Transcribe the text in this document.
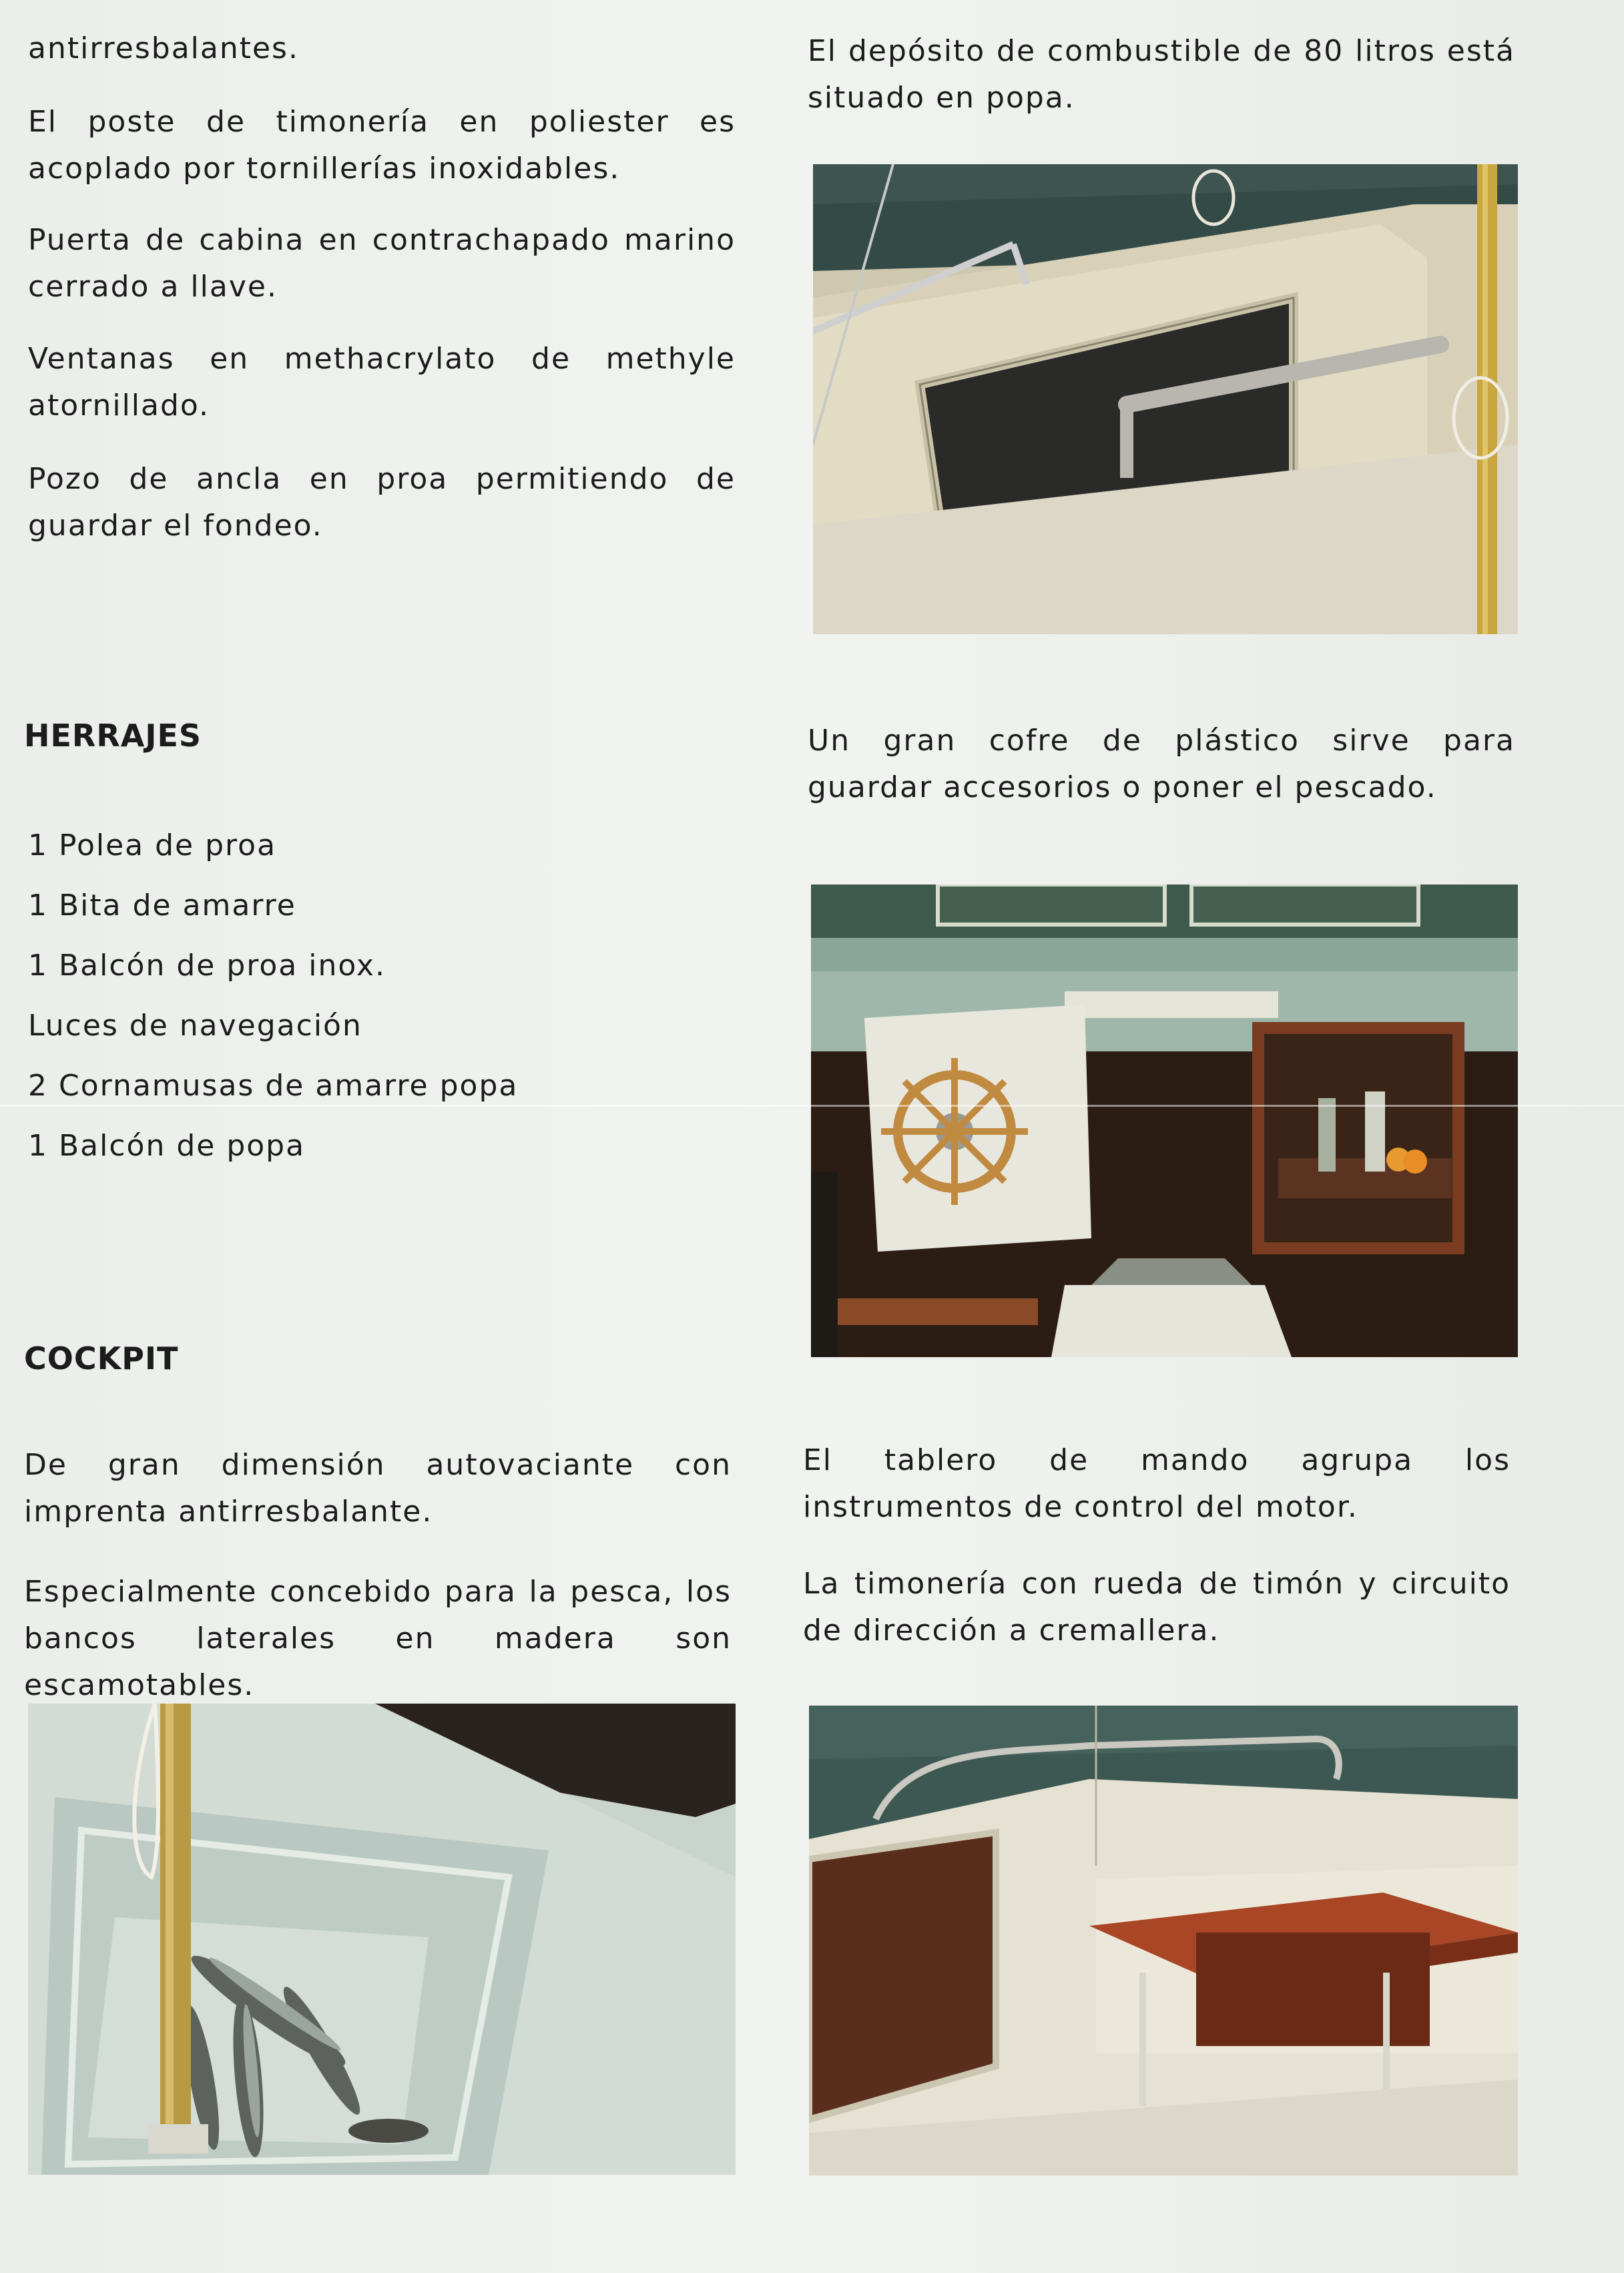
antirresbalantes.

El poste de timonería en poliester es acoplado por tornillerías inoxidables.

Puerta de cabina en contrachapado marino cerrado a llave.

Ventanas en methacrylato de methyle atornillado.

Pozo de ancla en proa permitiendo de guardar el fondeo.

HERRAJES

1 Polea de proa

1 Bita de amarre

1 Balcón de proa inox.

Luces de navegación

2 Cornamusas de amarre popa

1 Balcón de popa

COCKPIT

De gran dimensión autovaciante con imprenta antirresbalante.

Especialmente concebido para la pesca, los bancos laterales en madera son escamotables.

El depósito de combustible de 80 litros está situado en popa.

Un gran cofre de plástico sirve para guardar accesorios o poner el pescado.

El tablero de mando agrupa los instrumentos de control del motor.

La timonería con rueda de timón y circuito de dirección a cremallera.
